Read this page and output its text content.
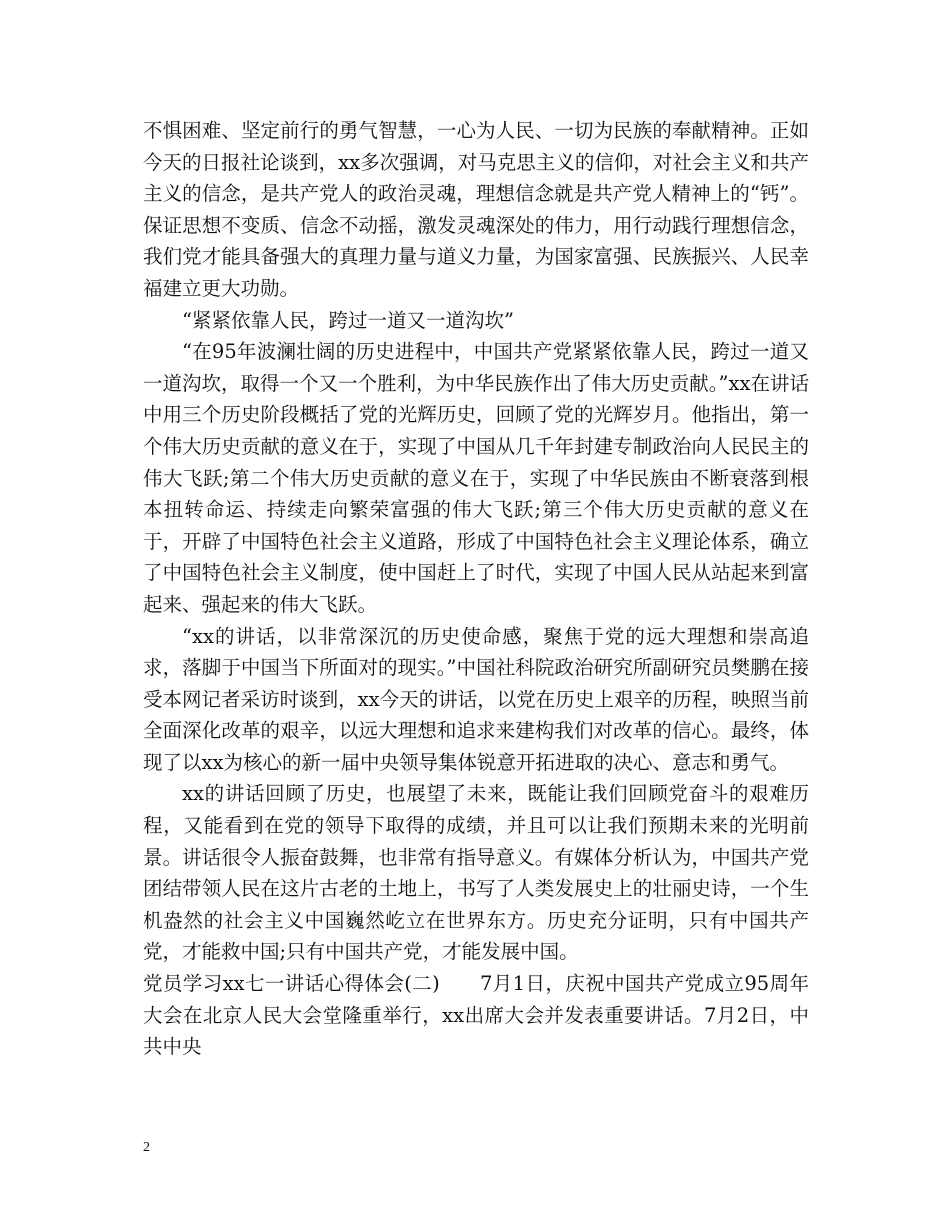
不惧困难、坚定前行的勇气智慧，一心为人民、一切为民族的奉献精神。正如今天的日报社论谈到，xx多次强调，对马克思主义的信仰，对社会主义和共产主义的信念，是共产党人的政治灵魂，理想信念就是共产党人精神上的“钙”。保证思想不变质、信念不动摇，激发灵魂深处的伟力，用行动践行理想信念，我们党才能具备强大的真理力量与道义力量，为国家富强、民族振兴、人民幸福建立更大功勋。

“紧紧依靠人民，跨过一道又一道沟坎”

“在95年波澜壮阔的历史进程中，中国共产党紧紧依靠人民，跨过一道又一道沟坎，取得一个又一个胜利，为中华民族作出了伟大历史贡献。”xx在讲话中用三个历史阶段概括了党的光辉历史，回顾了党的光辉岁月。他指出，第一个伟大历史贡献的意义在于，实现了中国从几千年封建专制政治向人民民主的伟大飞跃;第二个伟大历史贡献的意义在于，实现了中华民族由不断衰落到根本扭转命运、持续走向繁荣富强的伟大飞跃;第三个伟大历史贡献的意义在于，开辟了中国特色社会主义道路，形成了中国特色社会主义理论体系，确立了中国特色社会主义制度，使中国赶上了时代，实现了中国人民从站起来到富起来、强起来的伟大飞跃。

“xx的讲话，以非常深沉的历史使命感，聚焦于党的远大理想和崇高追求，落脚于中国当下所面对的现实。”中国社科院政治研究所副研究员樊鹏在接受本网记者采访时谈到，xx今天的讲话，以党在历史上艰辛的历程，映照当前全面深化改革的艰辛，以远大理想和追求来建构我们对改革的信心。最终，体现了以xx为核心的新一届中央领导集体锐意开拓进取的决心、意志和勇气。

xx的讲话回顾了历史，也展望了未来，既能让我们回顾党奋斗的艰难历程，又能看到在党的领导下取得的成绩，并且可以让我们预期未来的光明前景。讲话很令人振奋鼓舞，也非常有指导意义。有媒体分析认为，中国共产党团结带领人民在这片古老的土地上，书写了人类发展史上的壮丽史诗，一个生机盎然的社会主义中国巍然屹立在世界东方。历史充分证明，只有中国共产党，才能救中国;只有中国共产党，才能发展中国。

党员学习xx七一讲话心得体会(二)　　7月1日，庆祝中国共产党成立95周年大会在北京人民大会堂隆重举行，xx出席大会并发表重要讲话。7月2日，中共中央

2
